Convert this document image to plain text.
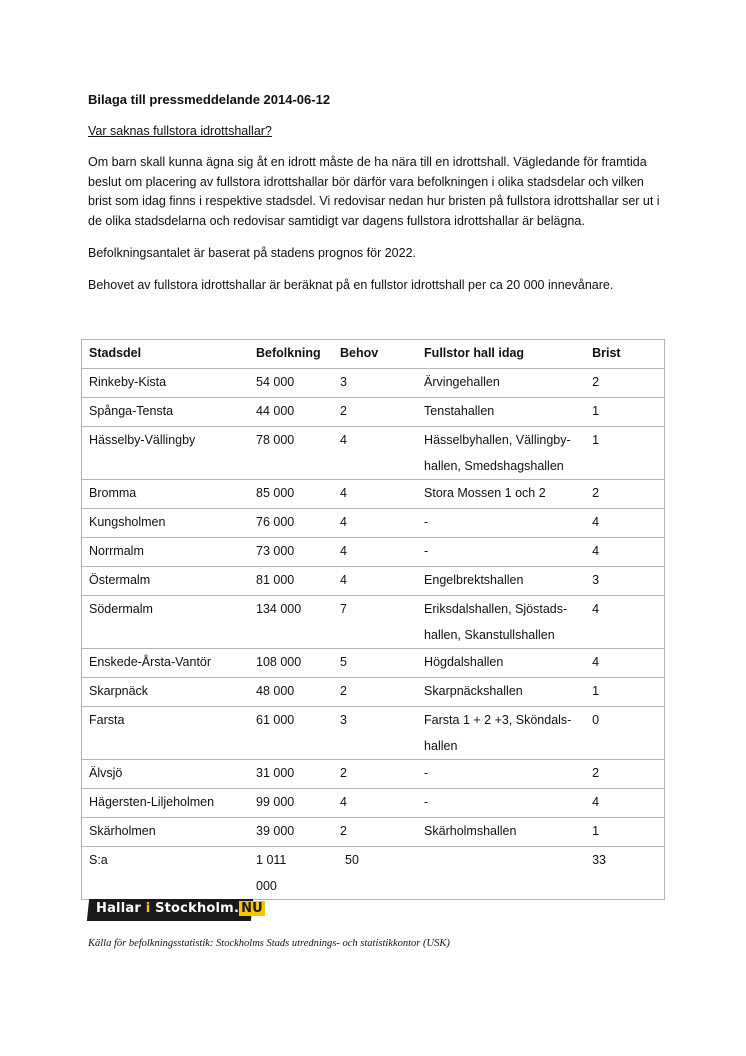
Bilaga till pressmeddelande 2014-06-12
Var saknas fullstora idrottshallar?
Om barn skall kunna ägna sig åt en idrott måste de ha nära till en idrottshall. Vägledande för framtida beslut om placering av fullstora idrottshallar bör därför vara befolkningen i olika stadsdelar och vilken brist som idag finns i respektive stadsdel. Vi redovisar nedan hur bristen på fullstora idrottshallar ser ut i de olika stadsdelarna och redovisar samtidigt var dagens fullstora idrottshallar är belägna.
Befolkningsantalet är baserat på stadens prognos för 2022.
Behovet av fullstora idrottshallar är beräknat på en fullstor idrottshall per ca 20 000 innevånare.
Stadsdel	Befolkning	Behov	Fullstor hall idag	Brist
Rinkeby-Kista	54 000	3	Ärvingehallen	2
Spånga-Tensta	44 000	2	Tenstahallen	1
Hässelby-Vällingby	78 000	4	Hässelbyhallen, Vällingby-
hallen, Smedshagshallen	1
Bromma	85 000	4	Stora Mossen 1 och 2	2
Kungsholmen	76 000	4	-	4
Norrmalm	73 000	4	-	4
Östermalm	81 000	4	Engelbrektshallen	3
Södermalm	134 000	7	Eriksdalshallen, Sjöstads-
hallen, Skanstullshallen	4
Enskede-Årsta-Vantör	108 000	5	Högdalshallen	4
Skarpnäck	48 000	2	Skarpnäckshallen	1
Farsta	61 000	3	Farsta 1 + 2 +3, Sköndals-
hallen	0
Älvsjö	31 000	2	-	2
Hägersten-Liljeholmen	99 000	4	-	4
Skärholmen	39 000	2	Skärholmshallen	1
S:a	1 011 000	50		33
Hallar i Stockholm. NU !
Källa för befolkningsstatistik: Stockholms Stads utrednings- och statistikkontor (USK)
